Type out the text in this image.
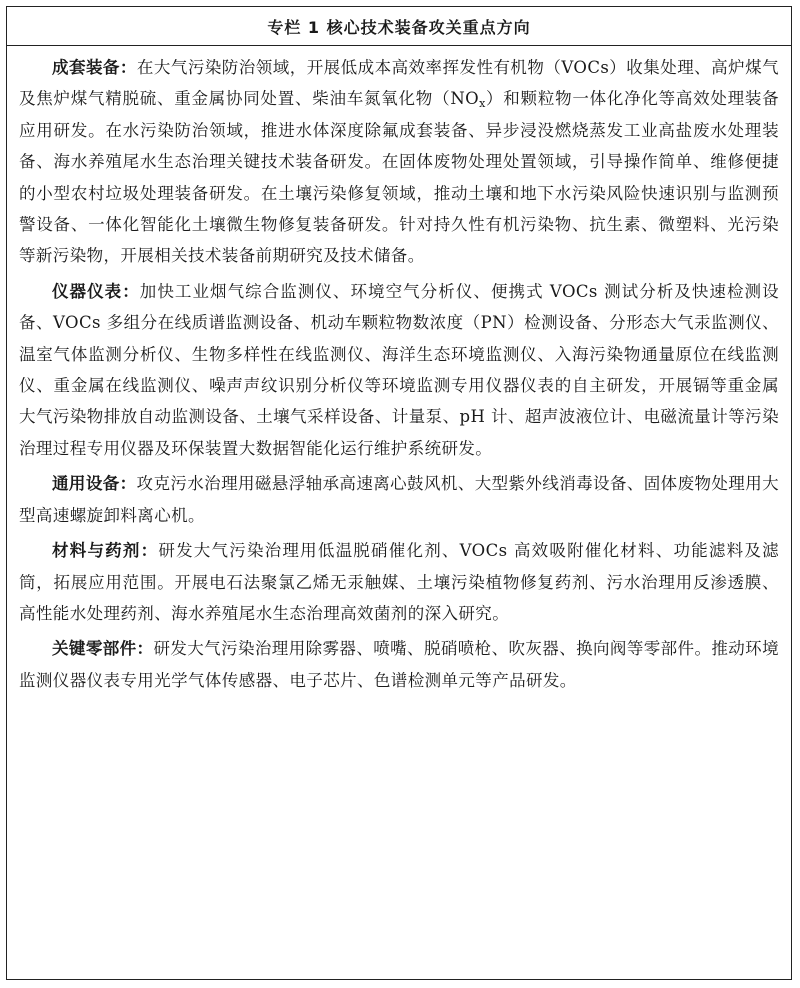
专栏 1 核心技术装备攻关重点方向

成套装备：在大气污染防治领域，开展低成本高效率挥发性有机物（VOCs）收集处理、高炉煤气及焦炉煤气精脱硫、重金属协同处置、柴油车氮氧化物$(NO_x)$和颗粒物一体化净化等高效处理装备应用研发。在水污染防治领域，推进水体深度除氟成套装备、异步浸没燃烧蒸发工业高盐废水处理装备、海水养殖尾水生态治理关键技术装备研发。在固体废物处理处置领域，引导操作简单、维修便捷的小型农村垃圾处理装备研发。在土壤污染修复领域，推动土壤和地下水污染风险快速识别与监测预警设备、一体化智能化土壤微生物修复装备研发。针对持久性有机污染物、抗生素、微塑料、光污染等新污染物，开展相关技术装备前期研究及技术储备。

仪器仪表：加快工业烟气综合监测仪、环境空气分析仪、便携式 VOCs 测试分析及快速检测设备、VOCs 多组分在线质谱监测设备、机动车颗粒物数浓度（PN）检测设备、分形态大气汞监测仪、温室气体监测分析仪、生物多样性在线监测仪、海洋生态环境监测仪、入海污染物通量原位在线监测仪、重金属在线监测仪、噪声声纹识别分析仪等环境监测专用仪器仪表的自主研发，开展镉等重金属大气污染物排放自动监测设备、土壤气采样设备、计量泵、pH 计、超声波液位计、电磁流量计等污染治理过程专用仪器及环保装置大数据智能化运行维护系统研发。

通用设备：攻克污水治理用磁悬浮轴承高速离心鼓风机、大型紫外线消毒设备、固体废物处理用大型高速螺旋卸料离心机。

材料与药剂：研发大气污染治理用低温脱硝催化剂、VOCs 高效吸附催化材料、功能滤料及滤筒，拓展应用范围。开展电石法聚氯乙烯无汞触媒、土壤污染植物修复药剂、污水治理用反渗透膜、高性能水处理药剂、海水养殖尾水生态治理高效菌剂的深入研究。

关键零部件：研发大气污染治理用除雾器、喷嘴、脱硝喷枪、吹灰器、换向阀等零部件。推动环境监测仪器仪表专用光学气体传感器、电子芯片、色谱检测单元等产品研发。
